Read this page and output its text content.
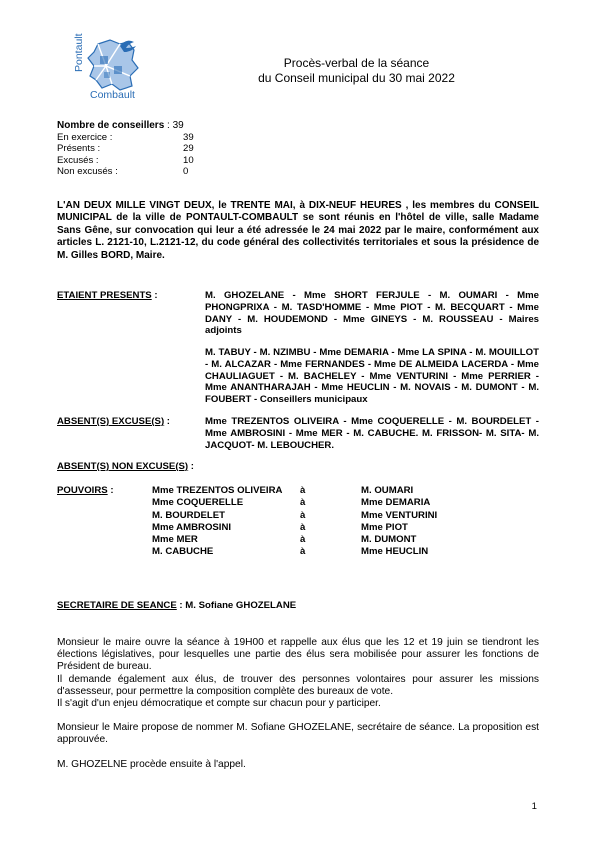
Pontault
Combault
Procès-verbal de la séance
du Conseil municipal du 30 mai 2022
Nombre de conseillers : 39
En exercice :	39
Présents :	29
Excusés :	10
Non excusés :	0
L'AN DEUX MILLE VINGT DEUX, le TRENTE MAI, à DIX-NEUF HEURES , les membres du CONSEIL MUNICIPAL de la ville de PONTAULT-COMBAULT se sont réunis en l'hôtel de ville, salle Madame Sans Gêne, sur convocation qui leur a été adressée le 24 mai 2022 par le maire, conformément aux articles L. 2121-10, L.2121-12, du code général des collectivités territoriales et sous la présidence de M. Gilles BORD, Maire.
ETAIENT PRESENTS :	M. GHOZELANE - Mme SHORT FERJULE - M. OUMARI - Mme PHONGPRIXA - M. TASD'HOMME - Mme PIOT - M. BECQUART - Mme DANY - M. HOUDEMOND - Mme GINEYS - M. ROUSSEAU - Maires adjoints
M. TABUY - M. NZIMBU - Mme DEMARIA - Mme LA SPINA - M. MOUILLOT - M. ALCAZAR - Mme FERNANDES - Mme DE ALMEIDA LACERDA - Mme CHAULIAGUET - M. BACHELEY - Mme VENTURINI - Mme PERRIER - Mme ANANTHARAJAH - Mme HEUCLIN - M. NOVAIS - M. DUMONT - M. FOUBERT - Conseillers municipaux
ABSENT(S) EXCUSE(S) :	Mme TREZENTOS OLIVEIRA - Mme COQUERELLE - M. BOURDELET - Mme AMBROSINI - Mme MER - M. CABUCHE. M. FRISSON- M. SITA- M. JACQUOT- M. LEBOUCHER.
ABSENT(S) NON EXCUSE(S) :
POUVOIRS :	Mme TREZENTOS OLIVEIRA	à	M. OUMARI
Mme COQUERELLE	à	Mme DEMARIA
M. BOURDELET	à	Mme VENTURINI
Mme AMBROSINI	à	Mme PIOT
Mme MER	à	M. DUMONT
M. CABUCHE	à	Mme HEUCLIN
SECRETAIRE DE SEANCE : M. Sofiane GHOZELANE
Monsieur le maire ouvre la séance à 19H00 et rappelle aux élus que les 12 et 19 juin se tiendront les élections législatives, pour lesquelles une partie des élus sera mobilisée pour assurer les fonctions de Président de bureau.
Il demande également aux élus, de trouver des personnes volontaires pour assurer les missions d'assesseur, pour permettre la composition complète des bureaux de vote.
Il s'agit d'un enjeu démocratique et compte sur chacun pour y participer.
Monsieur le Maire propose de nommer M. Sofiane GHOZELANE, secrétaire de séance. La proposition est approuvée.
M. GHOZELNE procède ensuite à l'appel.
1
